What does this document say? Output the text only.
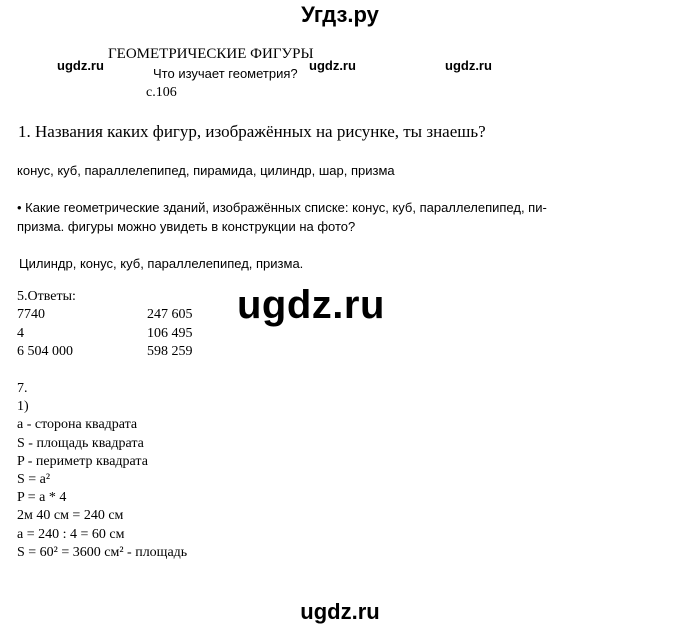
Угдз.ру
ugdz.ru	ugdz.ru	ugdz.ru
ГЕОМЕТРИЧЕСКИЕ ФИГУРЫ
Что изучает геометрия?
с.106
1. Названия каких фигур, изображённых на рисунке, ты знаешь?
конус, куб, параллелепипед, пирамида, цилиндр, шар, призма
• Какие геометрические зданий, изображённых списке: конус, куб, параллелепипед, пи-
призма. фигуры можно увидеть в конструкции на фото?
Цилиндр, конус, куб, параллелепипед, призма.
ugdz.ru
5.Ответы:
7740	247 605
4	106 495
6 504 000	598 259
7.
1)
a - сторона квадрата
S - площадь квадрата
P - периметр квадрата
S = a²
P = a * 4
2м 40 см = 240 см
a = 240 : 4 = 60 см
S = 60² = 3600 см² - площадь
ugdz.ru
